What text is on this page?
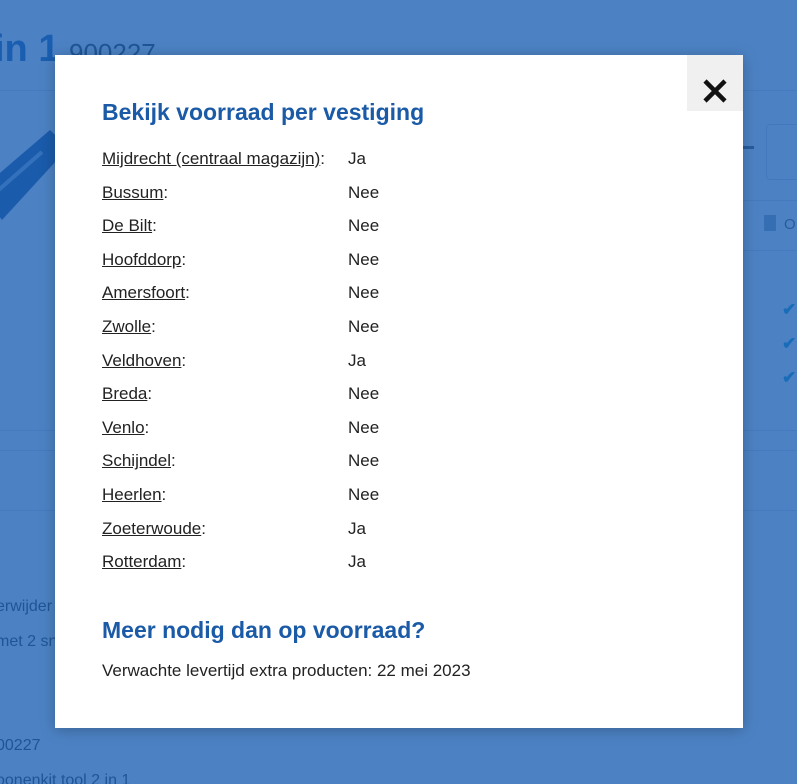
Bekijk voorraad per vestiging
Mijdrecht (centraal magazijn):	Ja
Bussum:	Nee
De Bilt:	Nee
Hoofddorp:	Nee
Amersfoort:	Nee
Zwolle:	Nee
Veldhoven:	Ja
Breda:	Nee
Venlo:	Nee
Schijndel:	Nee
Heerlen:	Nee
Zoeterwoude:	Ja
Rotterdam:	Ja
Meer nodig dan op voorraad?
Verwachte levertijd extra producten: 22 mei 2023
